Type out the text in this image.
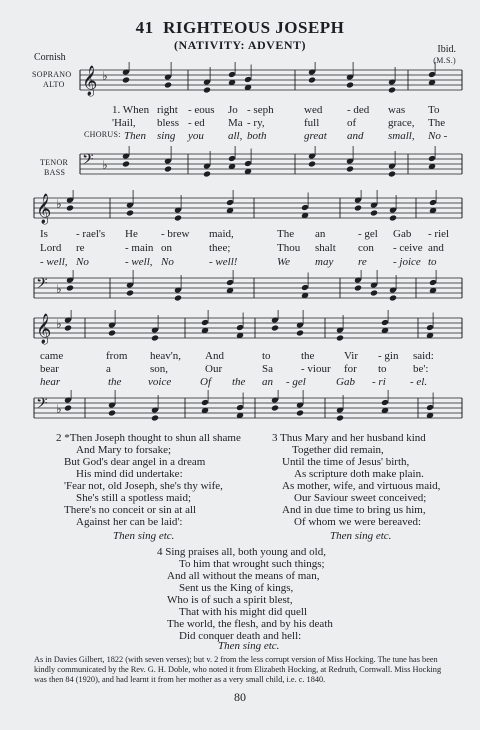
41 RIGHTEOUS JOSEPH
(NATIVITY: ADVENT)
Cornish
Ibid.
(M.S.)
SOPRANO
ALTO
TENOR
BASS
𝄞 ♭
𝄢 ♭
𝄞 ♭
𝄢 ♭
𝄞 ♭
𝄢 ♭
CHORUS:
1. When right - eous Jo - seph	wed - ded was To
'Hail, bless - ed Ma - ry,	full	of	grace, The
Then sing you all, both	great and small, No -
Is	- rael's He - brew maid,	The an	- gel Gab - riel
Lord re	- main on	thee;	Thou shalt con - ceive and
- well, No	- well, No	- well!	We may re - joice to
came	from heav'n, And	to	the	Vir - gin said:
bear	a	son,	Our	Sa	- viour for to be':
hear	the voice	Of the an - gel	Gab - ri - el.
2 *Then Joseph thought to shun all shame
And Mary to forsake;
But God's dear angel in a dream
His mind did undertake:
'Fear not, old Joseph, she's thy wife,
She's still a spotless maid;
There's no conceit or sin at all
Against her can be laid':
3 Thus Mary and her husband kind
Together did remain,
Until the time of Jesus' birth,
As scripture doth make plain.
As mother, wife, and virtuous maid,
Our Saviour sweet conceived;
And in due time to bring us him,
Of whom we were bereaved:
Then sing etc.	Then sing etc.
4 Sing praises all, both young and old,
To him that wrought such things;
And all without the means of man,
Sent us the King of kings,
Who is of such a spirit blest,
That with his might did quell
The world, the flesh, and by his death
Did conquer death and hell:
Then sing etc.
As in Davies Gilbert, 1822 (with seven verses); but v. 2 from the less corrupt version of Miss Hocking. The tune has been kindly communicated by the Rev. G. H. Doble, who noted it from Elizabeth Hocking, at Redruth, Cornwall. Miss Hocking was then 84 (1920), and had learnt it from her mother as a very small child, i.e. c. 1840.
80
